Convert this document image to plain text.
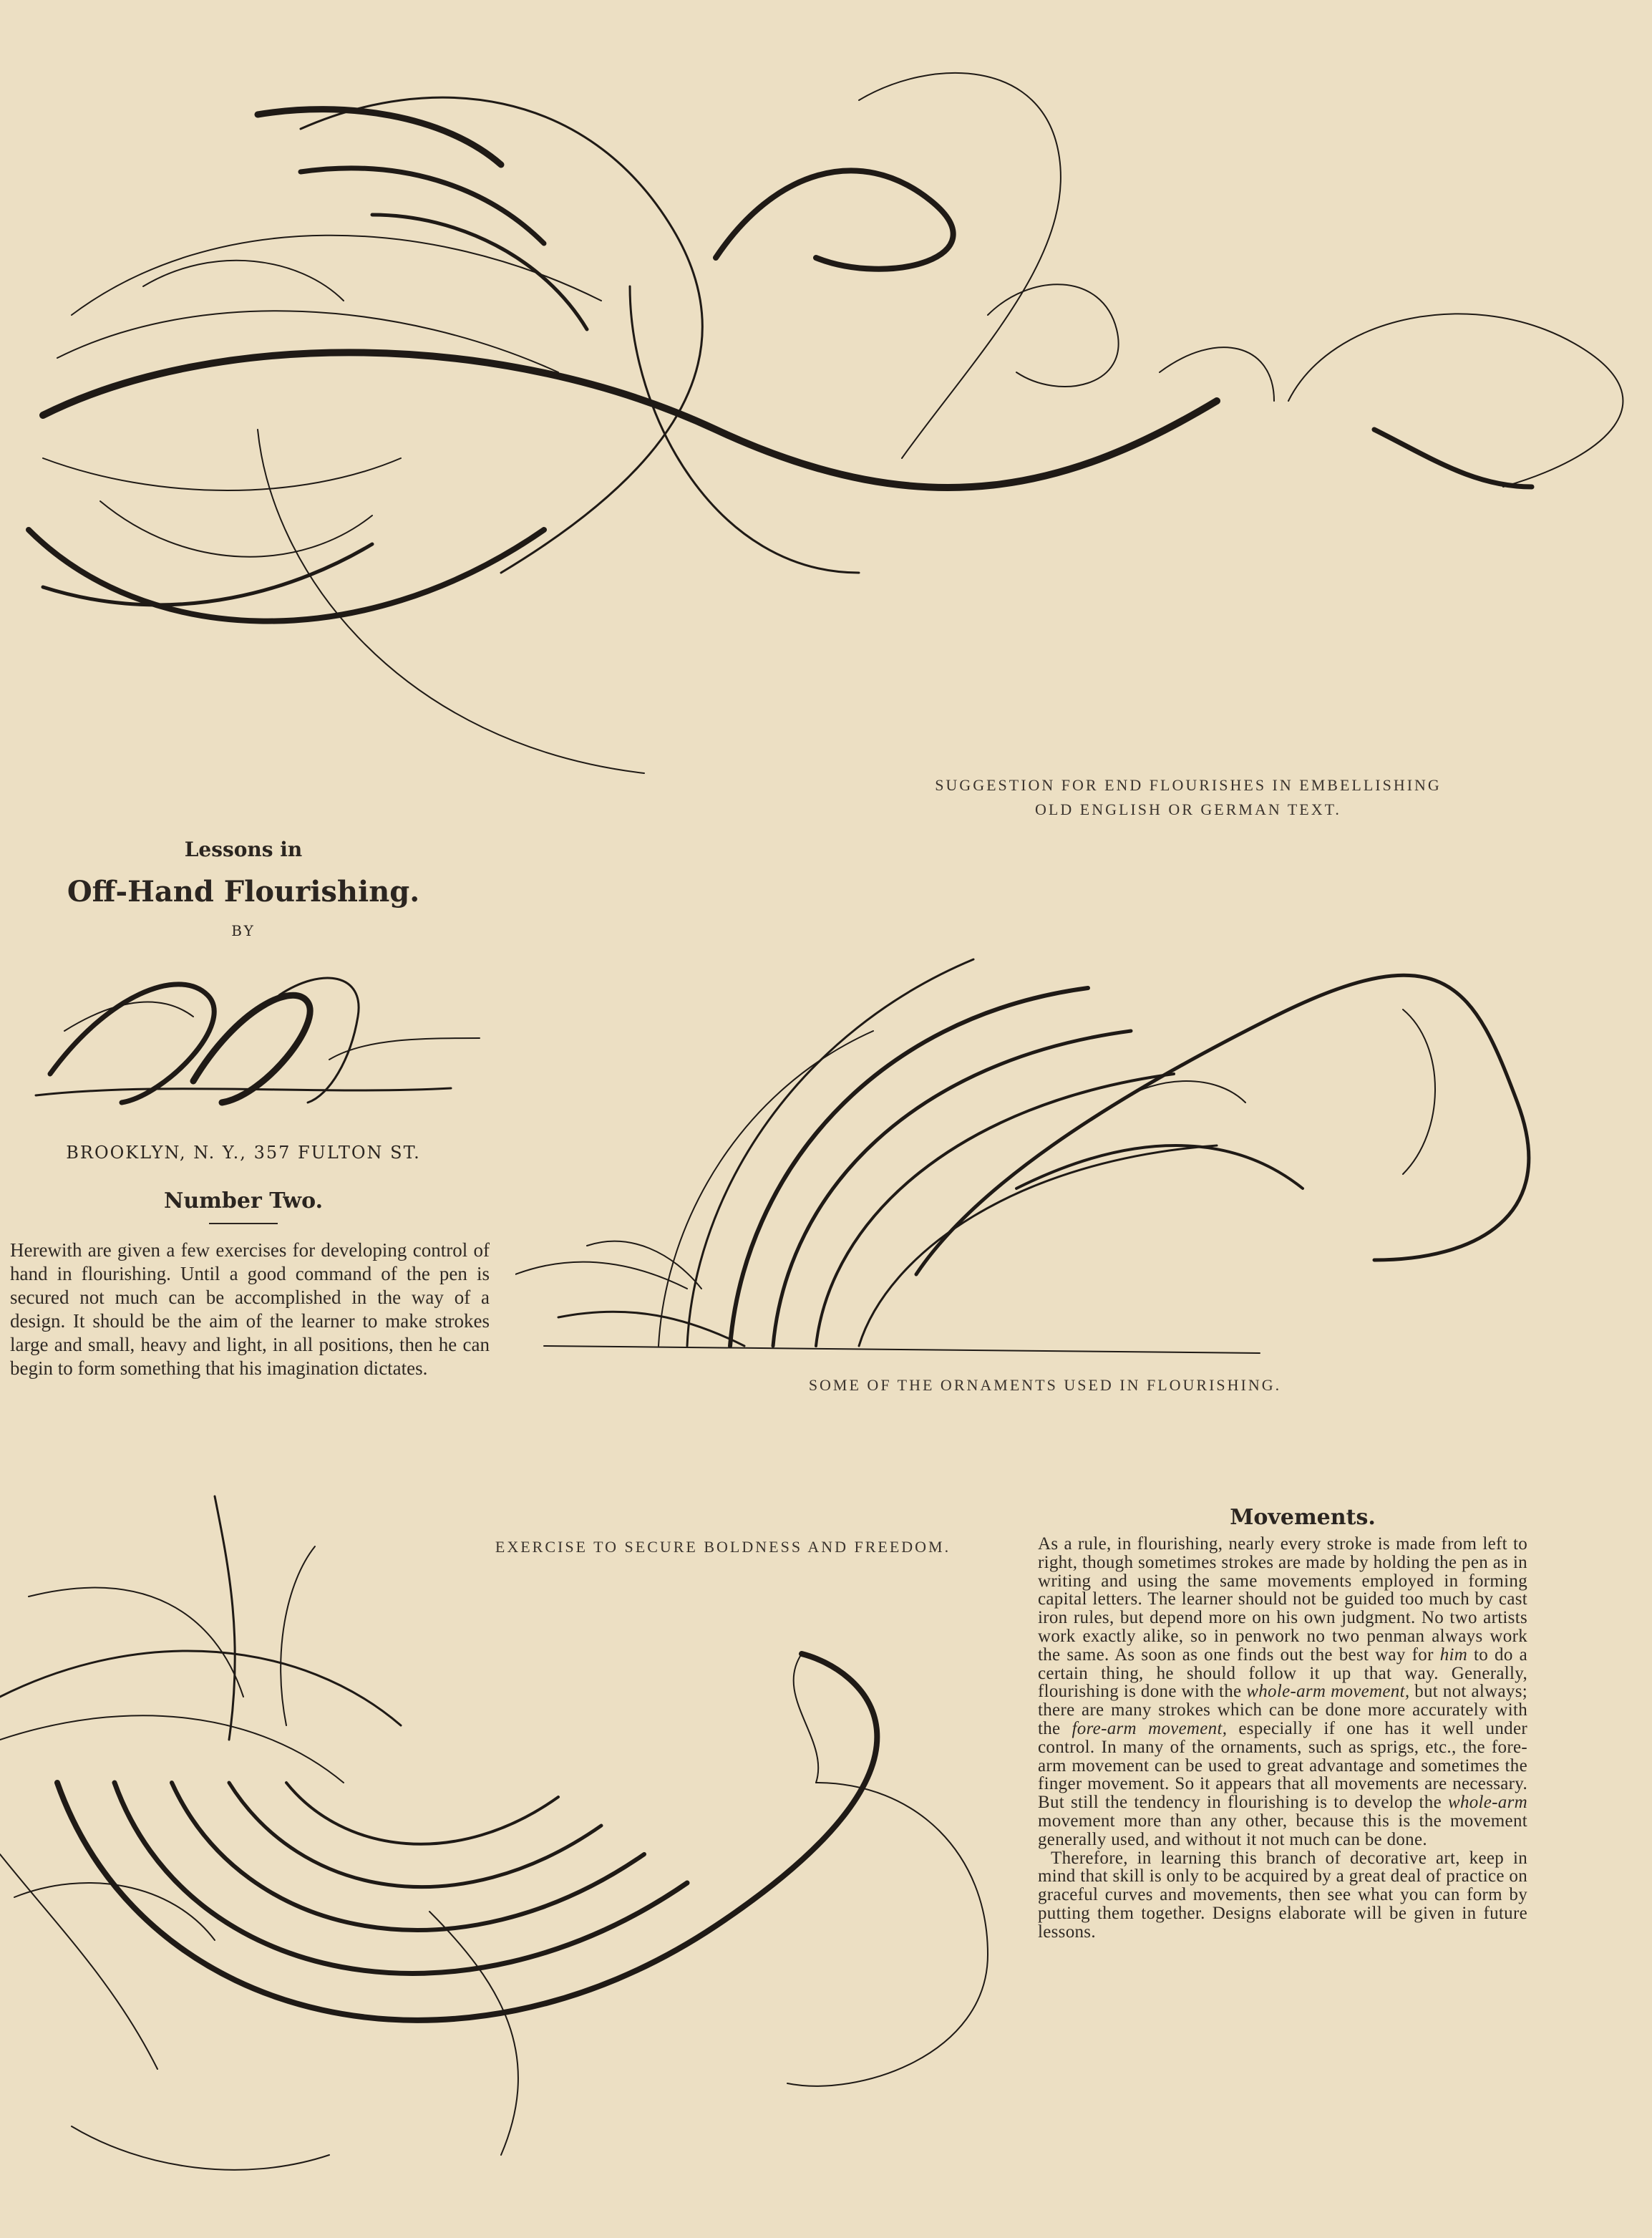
SUGGESTION FOR END FLOURISHES IN EMBELLISHING
OLD ENGLISH OR GERMAN TEXT.
Lessons in
Off-Hand Flourishing.
BY
BROOKLYN, N. Y., 357 FULTON ST.
Number Two.
Herewith are given a few exercises for developing control of hand in flourishing. Until a good command of the pen is secured not much can be accomplished in the way of a design. It should be the aim of the learner to make strokes large and small, heavy and light, in all positions, then he can begin to form something that his imagination dictates.
SOME OF THE ORNAMENTS USED IN FLOURISHING.
EXERCISE TO SECURE BOLDNESS AND FREEDOM.
Movements.
As a rule, in flourishing, nearly every stroke is made from left to right, though sometimes strokes are made by holding the pen as in writing and using the same movements employed in forming capital letters. The learner should not be guided too much by cast iron rules, but depend more on his own judgment. No two artists work exactly alike, so in penwork no two penman always work the same. As soon as one finds out the best way for him to do a certain thing, he should follow it up that way. Generally, flourishing is done with the whole-arm movement, but not always; there are many strokes which can be done more accurately with the fore-arm movement, especially if one has it well under control. In many of the ornaments, such as sprigs, etc., the fore-arm movement can be used to great advantage and sometimes the finger movement. So it appears that all movements are necessary. But still the tendency in flourishing is to develop the whole-arm movement more than any other, because this is the movement generally used, and without it not much can be done.
Therefore, in learning this branch of decorative art, keep in mind that skill is only to be acquired by a great deal of practice on graceful curves and movements, then see what you can form by putting them together. Designs elaborate will be given in future lessons.
